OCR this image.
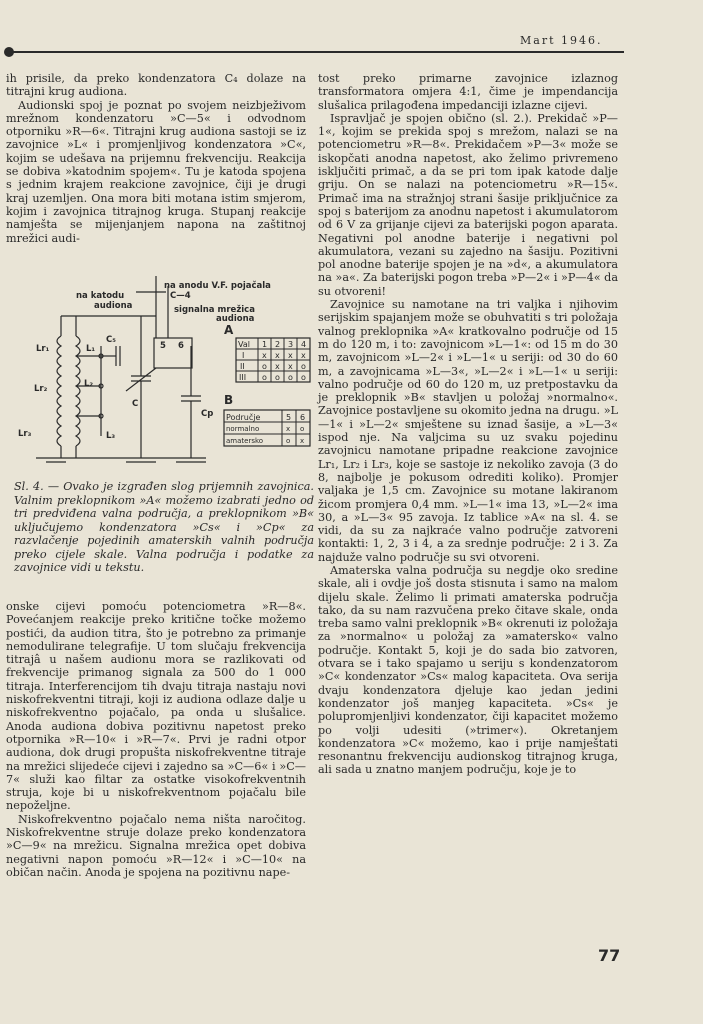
Mart 1946.

ih prisile, da preko kondenzatora C₄ dolaze na titrajni krug audiona.

Audionski spoj je poznat po svojem neizbježivom mrežnom kondenzatoru »C—5« i odvodnom otporniku »R—6«. Titrajni krug audiona sastoji se iz zavojnice »L« i promjenljivog kondenzatora »C«, kojim se udešava na prijemnu frekvenciju. Reakcija se dobiva »katodnim spojem«. Tu je katoda spojena s jednim krajem reakcione zavojnice, čiji je drugi kraj uzemljen. Ona mora biti motana istim smjerom, kojim i zavojnica titrajnog kruga. Stupanj reakcije namješta se mijenjanjem napona na zaštitnoj mrežici audi-

na katodu
audiona
na anodu V.F. pojačala
C—4
signalna mrežica
audiona
A
B
Lr₁
Lr₂
Lr₃
L₁
L₂
L₃
C₅
C
Cp
5 6	Val 1 2 3 4
I x x x x
II o x x o
III o o o o
Područje	5 6
normalno	x o
amatersko	o x
Sl. 4. — Ovako je izgrađen slog prijemnih zavojnica. Valnim preklopnikom »A« možemo izabrati jedno od tri predviđena valna područja, a preklopnikom »B« uključujemo kondenzatora »Cs« i »Cp« za razvlačenje pojedinih amaterskih valnih područja preko cijele skale. Valna područja i podatke za zavojnice vidi u tekstu.

onske cijevi pomoću potenciometra »R—8«. Povećanjem reakcije preko kritične točke možemo postići, da audion titra, što je potrebno za primanje nemodulirane telegrafije. U tom slučaju frekvencija titrajâ u našem audionu mora se razlikovati od frekvencije primanog signala za 500 do 1 000 titraja. Interferencijom tih dvaju titraja nastaju novi niskofrekventni titraji, koji iz audiona odlaze dalje u niskofrekventno pojačalo, pa onda u slušalice. Anoda audiona dobiva pozitivnu napetost preko otpornika »R—10« i »R—7«. Prvi je radni otpor audiona, dok drugi propušta niskofrekventne titraje na mrežici slijedeće cijevi i zajedno sa »C—6« i »C—7« služi kao filtar za ostatke visokofrekventnih struja, koje bi u niskofrekventnom pojačalu bile nepoželjne.

Niskofrekventno pojačalo nema ništa naročitog. Niskofrekventne struje dolaze preko kondenzatora »C—9« na mrežicu. Signalna mrežica opet dobiva negativni napon pomoću »R—12« i »C—10« na običan način. Anoda je spojena na pozitivnu nape-

tost preko primarne zavojnice izlaznog transformatora omjera 4:1, čime je impendancija slušalica prilagođena impedanciji izlazne cijevi.

Ispravljač je spojen obično (sl. 2.). Prekidač »P—1«, kojim se prekida spoj s mrežom, nalazi se na potenciometru »R—8«. Prekidačem »P—3« može se iskopčati anodna napetost, ako želimo privremeno isključiti primač, a da se pri tom ipak katode dalje griju. On se nalazi na potenciometru »R—15«. Primač ima na stražnjoj strani šasije priključnice za spoj s baterijom za anodnu napetost i akumulatorom od 6 V za grijanje cijevi za baterijski pogon aparata. Negativni pol anodne baterije i negativni pol akumulatora, vezani su zajedno na šasiju. Pozitivni pol anodne baterije spojen je na »d«, a akumulatora na »a«. Za baterijski pogon treba »P—2« i »P—4« da su otvoreni!

Zavojnice su namotane na tri valjka i njihovim serijskim spajanjem može se obuhvatiti s tri položaja valnog preklopnika »A« kratkovalno područje od 15 m do 120 m, i to: zavojnicom »L—1«: od 15 m do 30 m, zavojnicom »L—2« i »L—1« u seriji: od 30 do 60 m, a zavojnicama »L—3«, »L—2« i »L—1« u seriji: valno područje od 60 do 120 m, uz pretpostavku da je preklopnik »B« stavljen u položaj »normalno«. Zavojnice postavljene su okomito jedna na drugu. »L—1« i »L—2« smještene su iznad šasije, a »L—3« ispod nje. Na valjcima su uz svaku pojedinu zavojnicu namotane pripadne reakcione zavojnice Lr₁, Lr₂ i Lr₃, koje se sastoje iz nekoliko zavoja (3 do 8, najbolje je pokusom odrediti koliko). Promjer valjaka je 1,5 cm. Zavojnice su motane lakiranom žicom promjera 0,4 mm. »L—1« ima 13, »L—2« ima 30, a »L—3« 95 zavoja. Iz tablice »A« na sl. 4. se vidi, da su za najkraće valno područje zatvoreni kontakti: 1, 2, 3 i 4, a za srednje područje: 2 i 3. Za najduže valno područje su svi otvoreni.

Amaterska valna područja su negdje oko sredine skale, ali i ovdje još dosta stisnuta i samo na malom dijelu skale. Želimo li primati amaterska područja tako, da su nam razvučena preko čitave skale, onda treba samo valni preklopnik »B« okrenuti iz položaja za »normalno« u položaj za »amatersko« valno područje. Kontakt 5, koji je do sada bio zatvoren, otvara se i tako spajamo u seriju s kondenzatorom »C« kondenzator »Cs« malog kapaciteta. Ova serija dvaju kondenzatora djeluje kao jedan jedini kondenzator još manjeg kapaciteta. »Cs« je polupromjenljivi kondenzator, čiji kapacitet možemo po volji udesiti (»trimer«). Okretanjem kondenzatora »C« možemo, kao i prije namještati resonantnu frekvenciju audionskog titrajnog kruga, ali sada u znatno manjem području, koje je to

77
